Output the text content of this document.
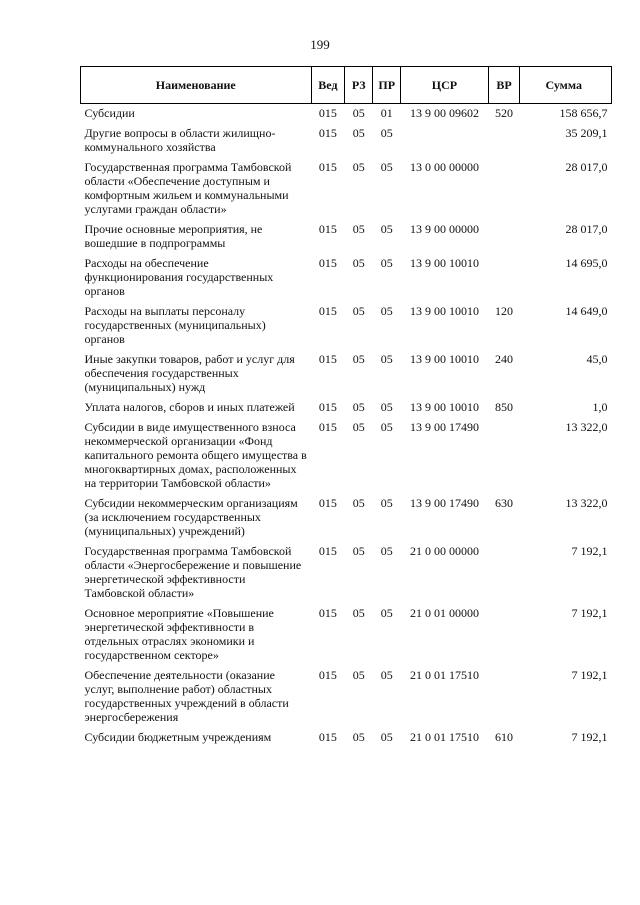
199
Наименование	Вед	РЗ	ПР	ЦСР	ВР	Сумма
Субсидии	015	05	01	13 9 00 09602	520	158 656,7
Другие вопросы в области жилищно-коммунального хозяйства	015	05	05			35 209,1
Государственная программа Тамбовской области «Обеспечение доступным и комфортным жильем и коммунальными услугами граждан области»	015	05	05	13 0 00 00000		28 017,0
Прочие основные мероприятия, не вошедшие в подпрограммы	015	05	05	13 9 00 00000		28 017,0
Расходы на обеспечение функционирования государственных органов	015	05	05	13 9 00 10010		14 695,0
Расходы на выплаты персоналу государственных (муниципальных) органов	015	05	05	13 9 00 10010	120	14 649,0
Иные закупки товаров, работ и услуг для обеспечения государственных (муниципальных) нужд	015	05	05	13 9 00 10010	240	45,0
Уплата налогов, сборов и иных платежей	015	05	05	13 9 00 10010	850	1,0
Субсидии в виде имущественного взноса некоммерческой организации «Фонд капитального ремонта общего имущества в многоквартирных домах, расположенных на территории Тамбовской области»	015	05	05	13 9 00 17490		13 322,0
Субсидии некоммерческим организациям (за исключением государственных (муниципальных) учреждений)	015	05	05	13 9 00 17490	630	13 322,0
Государственная программа Тамбовской области «Энергосбережение и повышение энергетической эффективности Тамбовской области»	015	05	05	21 0 00 00000		7 192,1
Основное мероприятие «Повышение энергетической эффективности в отдельных отраслях экономики и государственном секторе»	015	05	05	21 0 01 00000		7 192,1
Обеспечение деятельности (оказание услуг, выполнение работ) областных государственных учреждений в области энергосбережения	015	05	05	21 0 01 17510		7 192,1
Субсидии бюджетным учреждениям	015	05	05	21 0 01 17510	610	7 192,1
